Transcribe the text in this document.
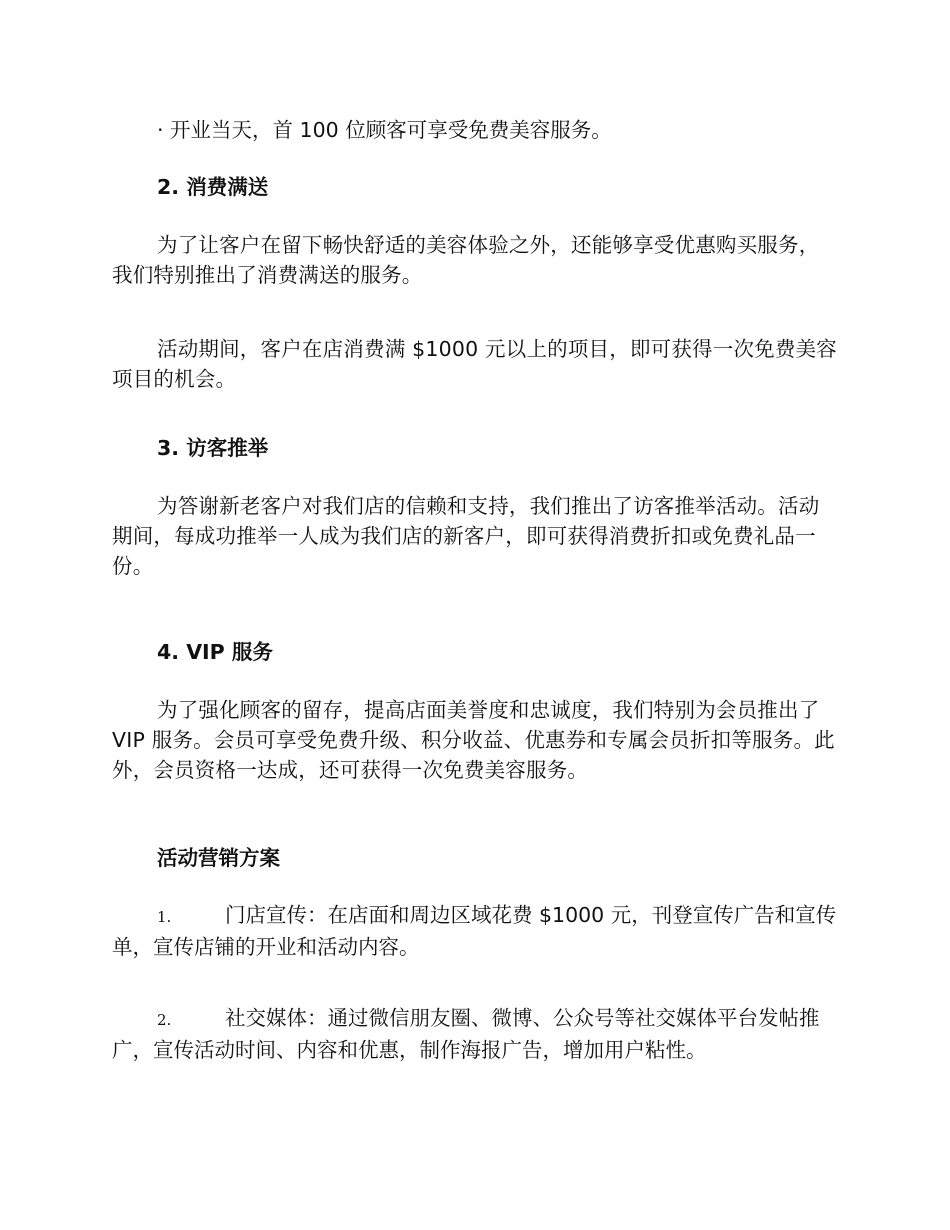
· 开业当天，首 100 位顾客可享受免费美容服务。

2. 消费满送

为了让客户在留下畅快舒适的美容体验之外，还能够享受优惠购买服务，我们特别推出了消费满送的服务。

活动期间，客户在店消费满 $1000 元以上的项目，即可获得一次免费美容项目的机会。

3. 访客推举

为答谢新老客户对我们店的信赖和支持，我们推出了访客推举活动。活动期间，每成功推举一人成为我们店的新客户，即可获得消费折扣或免费礼品一份。

4. VIP 服务

为了强化顾客的留存，提高店面美誉度和忠诚度，我们特别为会员推出了 VIP 服务。会员可享受免费升级、积分收益、优惠券和专属会员折扣等服务。此外，会员资格一达成，还可获得一次免费美容服务。

活动营销方案

1.	门店宣传：在店面和周边区域花费 $1000 元，刊登宣传广告和宣传单，宣传店铺的开业和活动内容。

2.	社交媒体：通过微信朋友圈、微博、公众号等社交媒体平台发帖推广，宣传活动时间、内容和优惠，制作海报广告，增加用户粘性。
